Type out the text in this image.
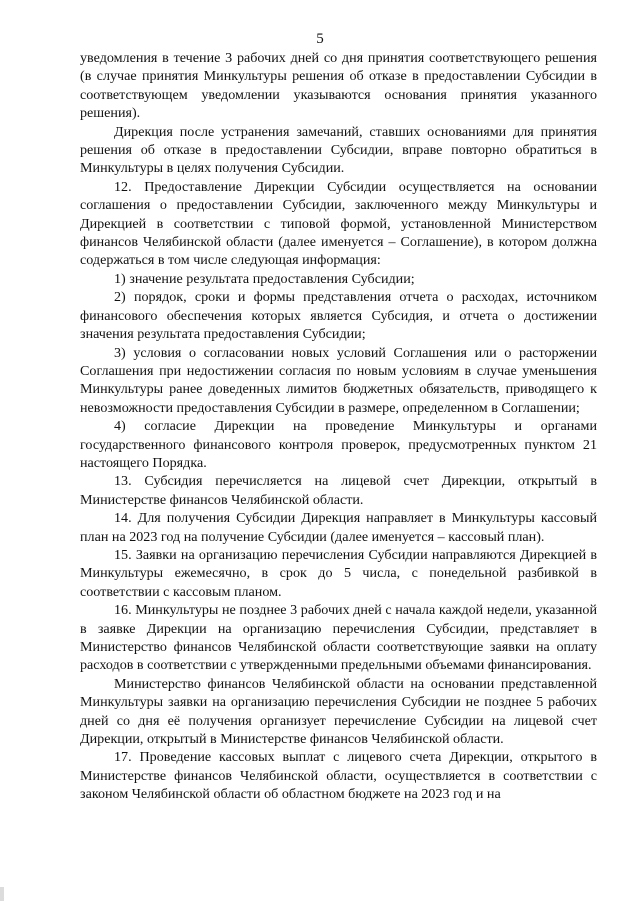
5

уведомления в течение 3 рабочих дней со дня принятия соответствующего решения (в случае принятия Минкультуры решения об отказе в предоставлении Субсидии в соответствующем уведомлении указываются основания принятия указанного решения).

Дирекция после устранения замечаний, ставших основаниями для принятия решения об отказе в предоставлении Субсидии, вправе повторно обратиться в Минкультуры в целях получения Субсидии.

12. Предоставление Дирекции Субсидии осуществляется на основании соглашения о предоставлении Субсидии, заключенного между Минкультуры и Дирекцией в соответствии с типовой формой, установленной Министерством финансов Челябинской области (далее именуется – Соглашение), в котором должна содержаться в том числе следующая информация:

1) значение результата предоставления Субсидии;

2) порядок, сроки и формы представления отчета о расходах, источником финансового обеспечения которых является Субсидия, и отчета о достижении значения результата предоставления Субсидии;

3) условия о согласовании новых условий Соглашения или о расторжении Соглашения при недостижении согласия по новым условиям в случае уменьшения Минкультуры ранее доведенных лимитов бюджетных обязательств, приводящего к невозможности предоставления Субсидии в размере, определенном в Соглашении;

4) согласие Дирекции на проведение Минкультуры и органами государственного финансового контроля проверок, предусмотренных пунктом 21 настоящего Порядка.

13. Субсидия перечисляется на лицевой счет Дирекции, открытый в Министерстве финансов Челябинской области.

14. Для получения Субсидии Дирекция направляет в Минкультуры кассовый план на 2023 год на получение Субсидии (далее именуется – кассовый план).

15. Заявки на организацию перечисления Субсидии направляются Дирекцией в Минкультуры ежемесячно, в срок до 5 числа, с понедельной разбивкой в соответствии с кассовым планом.

16. Минкультуры не позднее 3 рабочих дней с начала каждой недели, указанной в заявке Дирекции на организацию перечисления Субсидии, представляет в Министерство финансов Челябинской области соответствующие заявки на оплату расходов в соответствии с утвержденными предельными объемами финансирования.

Министерство финансов Челябинской области на основании представленной Минкультуры заявки на организацию перечисления Субсидии не позднее 5 рабочих дней со дня её получения организует перечисление Субсидии на лицевой счет Дирекции, открытый в Министерстве финансов Челябинской области.

17. Проведение кассовых выплат с лицевого счета Дирекции, открытого в Министерстве финансов Челябинской области, осуществляется в соответствии с законом Челябинской области об областном бюджете на 2023 год и на
